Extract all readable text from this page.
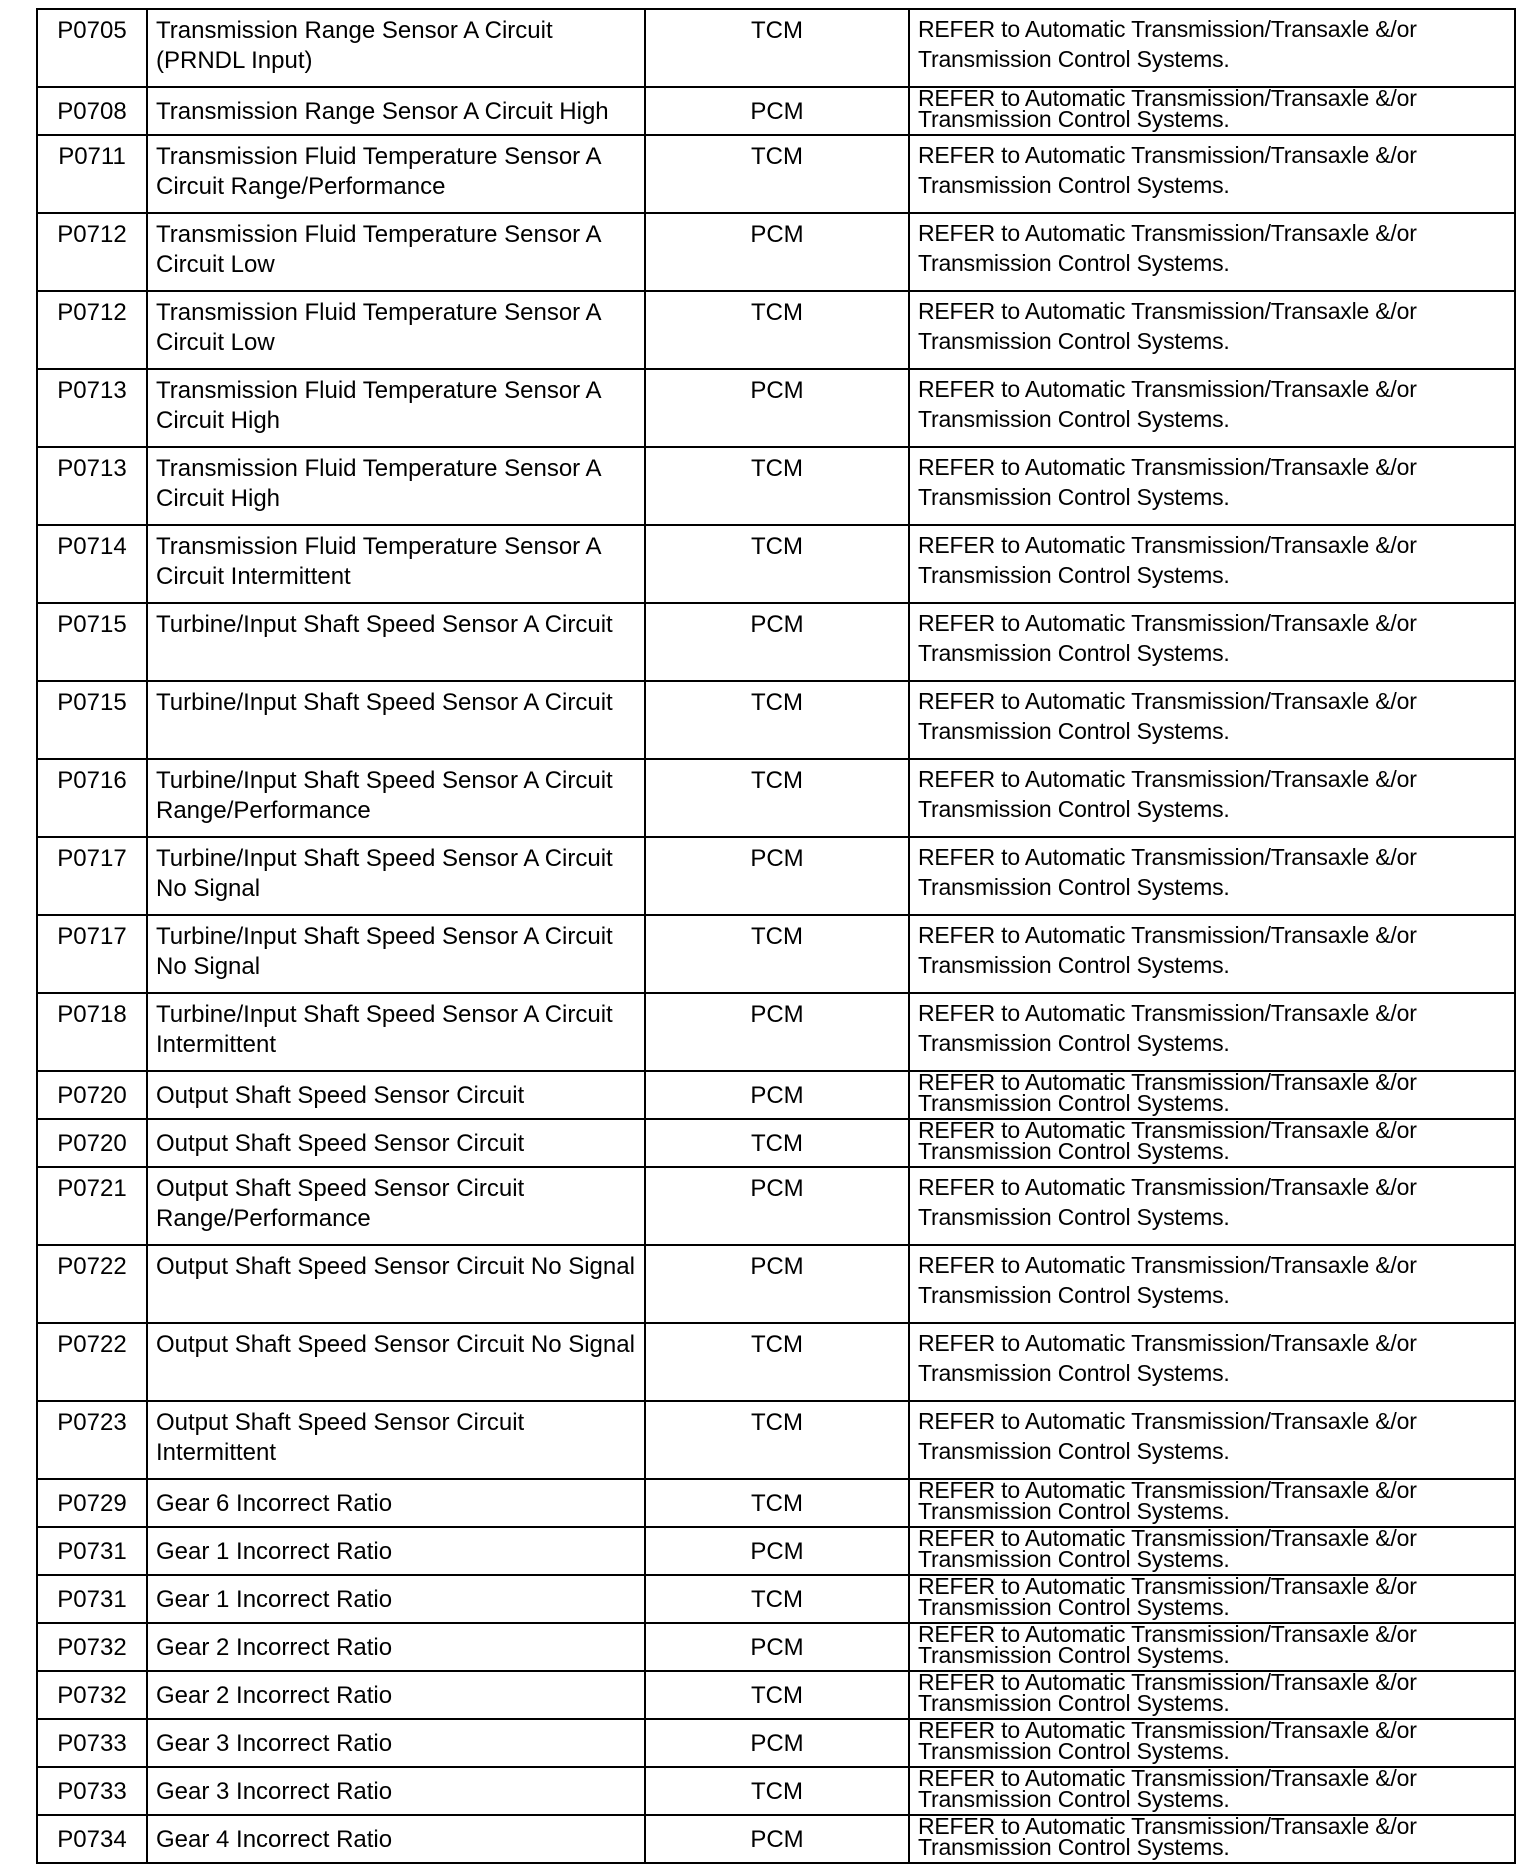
P0705	Transmission Range Sensor A Circuit (PRNDL Input)	TCM	REFER to Automatic Transmission/Transaxle &/or Transmission Control Systems.

P0708	Transmission Range Sensor A Circuit High	PCM	REFER to Automatic Transmission/Transaxle &/or Transmission Control Systems.

P0711	Transmission Fluid Temperature Sensor A Circuit Range/Performance	TCM	REFER to Automatic Transmission/Transaxle &/or Transmission Control Systems.

P0712	Transmission Fluid Temperature Sensor A Circuit Low	PCM	REFER to Automatic Transmission/Transaxle &/or Transmission Control Systems.

P0712	Transmission Fluid Temperature Sensor A Circuit Low	TCM	REFER to Automatic Transmission/Transaxle &/or Transmission Control Systems.

P0713	Transmission Fluid Temperature Sensor A Circuit High	PCM	REFER to Automatic Transmission/Transaxle &/or Transmission Control Systems.

P0713	Transmission Fluid Temperature Sensor A Circuit High	TCM	REFER to Automatic Transmission/Transaxle &/or Transmission Control Systems.

P0714	Transmission Fluid Temperature Sensor A Circuit Intermittent	TCM	REFER to Automatic Transmission/Transaxle &/or Transmission Control Systems.

P0715	Turbine/Input Shaft Speed Sensor A Circuit	PCM	REFER to Automatic Transmission/Transaxle &/or Transmission Control Systems.

P0715	Turbine/Input Shaft Speed Sensor A Circuit	TCM	REFER to Automatic Transmission/Transaxle &/or Transmission Control Systems.

P0716	Turbine/Input Shaft Speed Sensor A Circuit Range/Performance	TCM	REFER to Automatic Transmission/Transaxle &/or Transmission Control Systems.

P0717	Turbine/Input Shaft Speed Sensor A Circuit No Signal	PCM	REFER to Automatic Transmission/Transaxle &/or Transmission Control Systems.

P0717	Turbine/Input Shaft Speed Sensor A Circuit No Signal	TCM	REFER to Automatic Transmission/Transaxle &/or Transmission Control Systems.

P0718	Turbine/Input Shaft Speed Sensor A Circuit Intermittent	PCM	REFER to Automatic Transmission/Transaxle &/or Transmission Control Systems.

P0720	Output Shaft Speed Sensor Circuit	PCM	REFER to Automatic Transmission/Transaxle &/or Transmission Control Systems.

P0720	Output Shaft Speed Sensor Circuit	TCM	REFER to Automatic Transmission/Transaxle &/or Transmission Control Systems.

P0721	Output Shaft Speed Sensor Circuit Range/Performance	PCM	REFER to Automatic Transmission/Transaxle &/or Transmission Control Systems.

P0722	Output Shaft Speed Sensor Circuit No Signal	PCM	REFER to Automatic Transmission/Transaxle &/or Transmission Control Systems.

P0722	Output Shaft Speed Sensor Circuit No Signal	TCM	REFER to Automatic Transmission/Transaxle &/or Transmission Control Systems.

P0723	Output Shaft Speed Sensor Circuit Intermittent	TCM	REFER to Automatic Transmission/Transaxle &/or Transmission Control Systems.

P0729	Gear 6 Incorrect Ratio	TCM	REFER to Automatic Transmission/Transaxle &/or Transmission Control Systems.

P0731	Gear 1 Incorrect Ratio	PCM	REFER to Automatic Transmission/Transaxle &/or Transmission Control Systems.

P0731	Gear 1 Incorrect Ratio	TCM	REFER to Automatic Transmission/Transaxle &/or Transmission Control Systems.

P0732	Gear 2 Incorrect Ratio	PCM	REFER to Automatic Transmission/Transaxle &/or Transmission Control Systems.

P0732	Gear 2 Incorrect Ratio	TCM	REFER to Automatic Transmission/Transaxle &/or Transmission Control Systems.

P0733	Gear 3 Incorrect Ratio	PCM	REFER to Automatic Transmission/Transaxle &/or Transmission Control Systems.

P0733	Gear 3 Incorrect Ratio	TCM	REFER to Automatic Transmission/Transaxle &/or Transmission Control Systems.

P0734	Gear 4 Incorrect Ratio	PCM	REFER to Automatic Transmission/Transaxle &/or Transmission Control Systems.
